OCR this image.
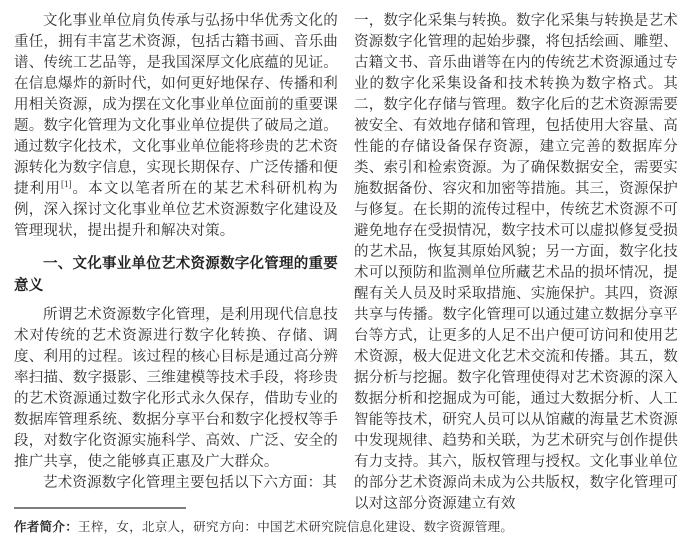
文化事业单位肩负传承与弘扬中华优秀文化的重任，拥有丰富艺术资源，包括古籍书画、音乐曲谱、传统工艺品等，是我国深厚文化底蕴的见证。在信息爆炸的新时代，如何更好地保存、传播和利用相关资源，成为摆在文化事业单位面前的重要课题。数字化管理为文化事业单位提供了破局之道。通过数字化技术，文化事业单位能将珍贵的艺术资源转化为数字信息，实现长期保存、广泛传播和便捷利用[1]。本文以笔者所在的某艺术科研机构为例，深入探讨文化事业单位艺术资源数字化建设及管理现状，提出提升和解决对策。

一、文化事业单位艺术资源数字化管理的重要意义

所谓艺术资源数字化管理，是利用现代信息技术对传统的艺术资源进行数字化转换、存储、调度、利用的过程。该过程的核心目标是通过高分辨率扫描、数字摄影、三维建模等技术手段，将珍贵的艺术资源通过数字化形式永久保存，借助专业的数据库管理系统、数据分享平台和数字化授权等手段，对数字化资源实施科学、高效、广泛、安全的推广共享，使之能够真正惠及广大群众。

艺术资源数字化管理主要包括以下六方面：其

一，数字化采集与转换。数字化采集与转换是艺术资源数字化管理的起始步骤，将包括绘画、雕塑、古籍文书、音乐曲谱等在内的传统艺术资源通过专业的数字化采集设备和技术转换为数字格式。其二，数字化存储与管理。数字化后的艺术资源需要被安全、有效地存储和管理，包括使用大容量、高性能的存储设备保存资源，建立完善的数据库分类、索引和检索资源。为了确保数据安全，需要实施数据备份、容灾和加密等措施。其三，资源保护与修复。在长期的流传过程中，传统艺术资源不可避免地存在受损情况，数字技术可以虚拟修复受损的艺术品，恢复其原始风貌；另一方面，数字化技术可以预防和监测单位所藏艺术品的损坏情况，提醒有关人员及时采取措施、实施保护。其四，资源共享与传播。数字化管理可以通过建立数据分享平台等方式，让更多的人足不出户便可访问和使用艺术资源，极大促进文化艺术交流和传播。其五，数据分析与挖掘。数字化管理使得对艺术资源的深入数据分析和挖掘成为可能，通过大数据分析、人工智能等技术，研究人员可以从馆藏的海量艺术资源中发现规律、趋势和关联，为艺术研究与创作提供有力支持。其六，版权管理与授权。文化事业单位的部分艺术资源尚未成为公共版权，数字化管理可以对这部分资源建立有效

作者简介：王梓，女，北京人，研究方向：中国艺术研究院信息化建设、数字资源管理。
